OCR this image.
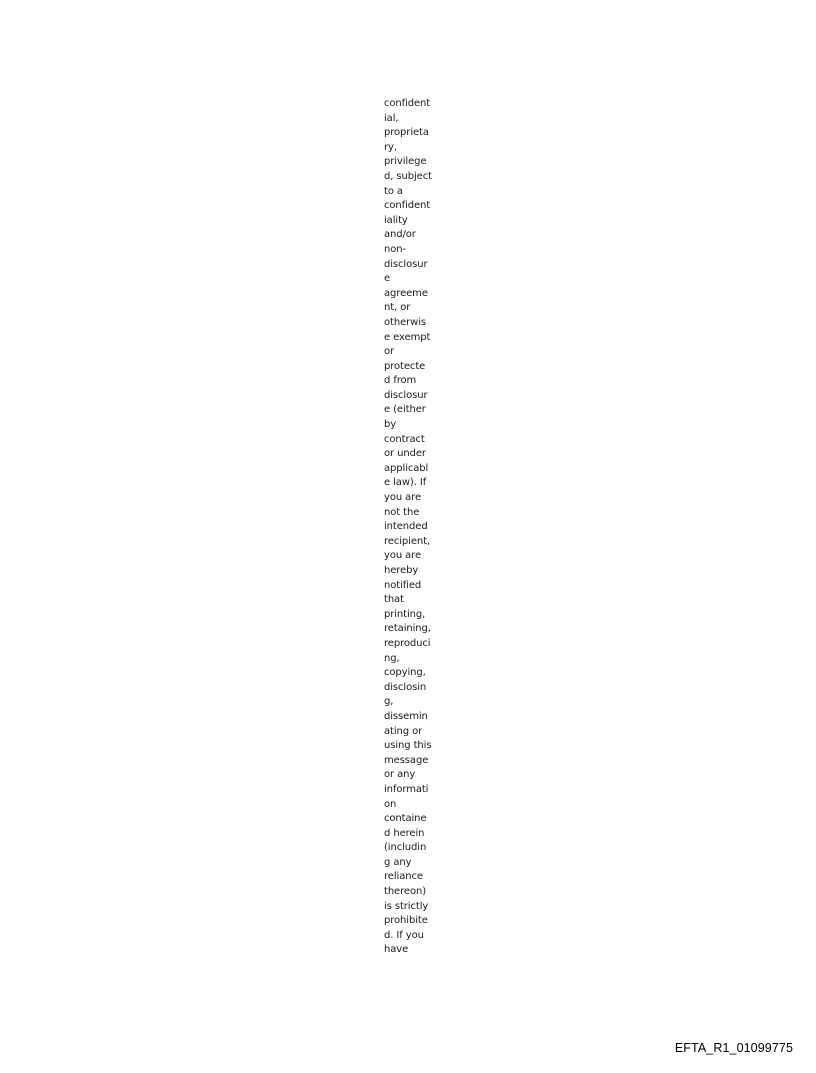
confident
ial,
proprieta
ry,
privilege
d, subject
to a
confident
iality
and/or
non-
disclosur
e
agreeme
nt, or
otherwis
e exempt
or
protecte
d from
disclosur
e (either
by
contract
or under
applicabl
e law). If
you are
not the
intended
recipient,
you are
hereby
notified
that
printing,
retaining,
reproduci
ng,
copying,
disclosin
g,
dissemin
ating or
using this
message
or any
informati
on
containe
d herein
(includin
g any
reliance
thereon)
is strictly
prohibite
d. If you
have
EFTA_R1_01099775
